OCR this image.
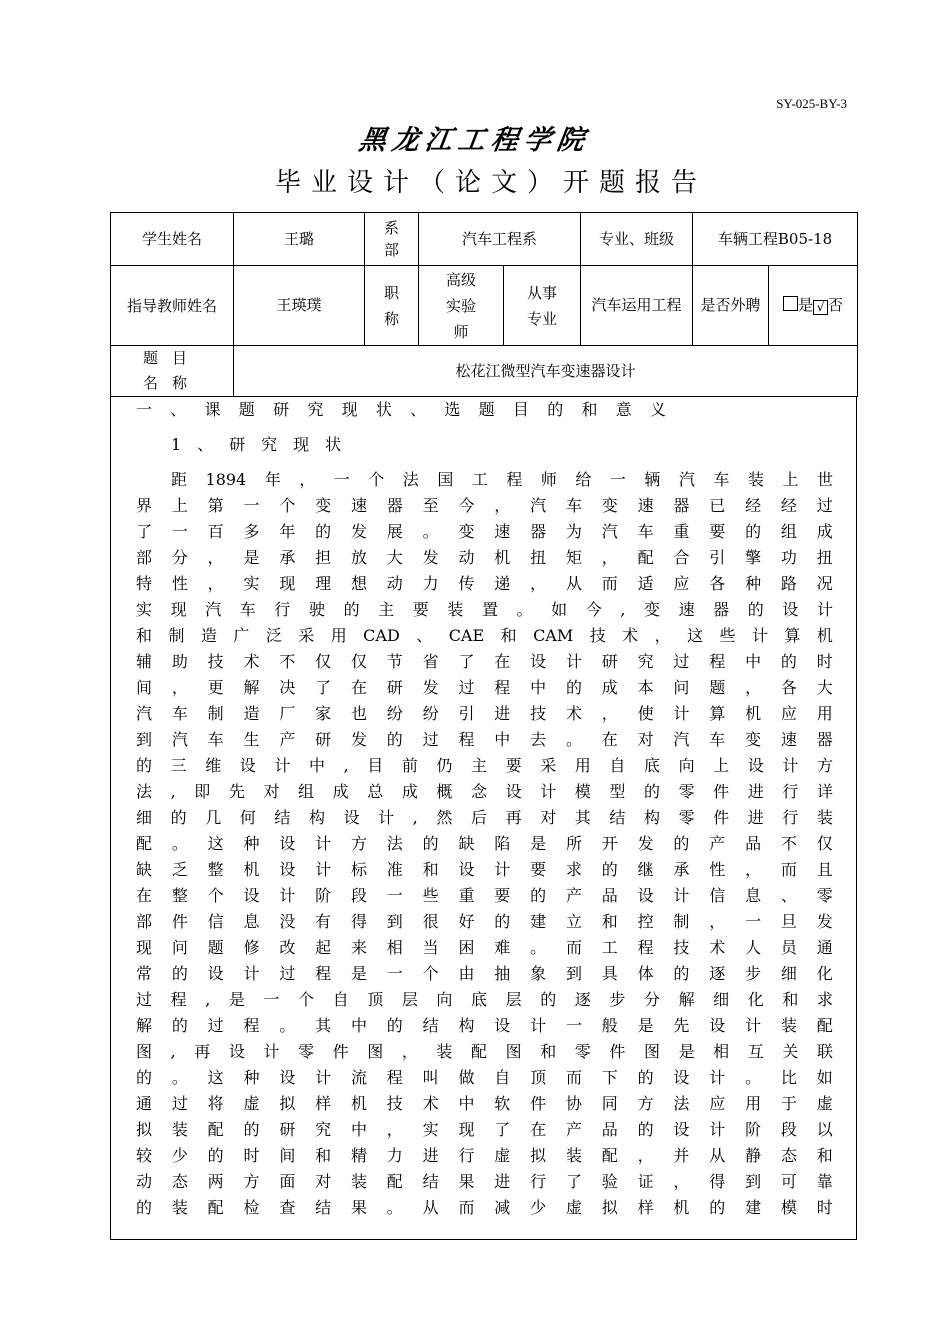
SY-025-BY-3
黑龙江工程学院
毕业设计（论文）开题报告
学生姓名	王璐	系部	汽车工程系		专业、班级	车辆工程B05-18	

指导教师姓名	王瑛璞	职称	高级实验师	从事专业	汽车运用工程	是否外聘	是 √ 否

题目名称	松花江微型汽车变速器设计						
一 、 课 题 研 究 现 状 、 选 题 目 的 和 意 义
1、研究现状
距 1894 年 ， 一 个 法 国 工 程 师 给 一 辆 汽 车 装 上 世
界 上 第 一 个 变 速 器 至 今 ， 汽 车 变 速 器 已 经 经 过
了 一 百 多 年 的 发 展 。 变 速 器 为 汽 车 重 要 的 组 成
部 分 ， 是 承 担 放 大 发 动 机 扭 矩 ， 配 合 引 擎 功 扭
特 性 ， 实 现 理 想 动 力 传 递 ， 从 而 适 应 各 种 路 况
实 现 汽 车 行 驶 的 主 要 装 置 。 如 今 , 变 速 器 的 设 计
和 制 造 广 泛 采 用 CAD 、 CAE 和 CAM 技 术 ， 这 些 计 算 机
辅 助 技 术 不 仅 仅 节 省 了 在 设 计 研 究 过 程 中 的 时
间 ， 更 解 决 了 在 研 发 过 程 中 的 成 本 问 题 ， 各 大
汽 车 制 造 厂 家 也 纷 纷 引 进 技 术 ， 使 计 算 机 应 用
到 汽 车 生 产 研 发 的 过 程 中 去 。 在 对 汽 车 变 速 器
的 三 维 设 计 中 , 目 前 仍 主 要 采 用 自 底 向 上 设 计 方
法 , 即 先 对 组 成 总 成 概 念 设 计 模 型 的 零 件 进 行 详
细 的 几 何 结 构 设 计 , 然 后 再 对 其 结 构 零 件 进 行 装
配 。 这 种 设 计 方 法 的 缺 陷 是 所 开 发 的 产 品 不 仅
缺 乏 整 机 设 计 标 准 和 设 计 要 求 的 继 承 性 ， 而 且
在 整 个 设 计 阶 段 一 些 重 要 的 产 品 设 计 信 息 、 零
部 件 信 息 没 有 得 到 很 好 的 建 立 和 控 制 ， 一 旦 发
现 问 题 修 改 起 来 相 当 困 难 。 而 工 程 技 术 人 员 通
常 的 设 计 过 程 是 一 个 由 抽 象 到 具 体 的 逐 步 细 化
过 程 , 是 一 个 自 顶 层 向 底 层 的 逐 步 分 解 细 化 和 求
解 的 过 程 。 其 中 的 结 构 设 计 一 般 是 先 设 计 装 配
图 , 再 设 计 零 件 图 ， 装 配 图 和 零 件 图 是 相 互 关 联
的 。 这 种 设 计 流 程 叫 做 自 顶 而 下 的 设 计 。 比 如
通 过 将 虚 拟 样 机 技 术 中 软 件 协 同 方 法 应 用 于 虚
拟 装 配 的 研 究 中 ， 实 现 了 在 产 品 的 设 计 阶 段 以
较 少 的 时 间 和 精 力 进 行 虚 拟 装 配 ， 并 从 静 态 和
动 态 两 方 面 对 装 配 结 果 进 行 了 验 证 ， 得 到 可 靠
的 装 配 检 查 结 果 。 从 而 减 少 虚 拟 样 机 的 建 模 时
